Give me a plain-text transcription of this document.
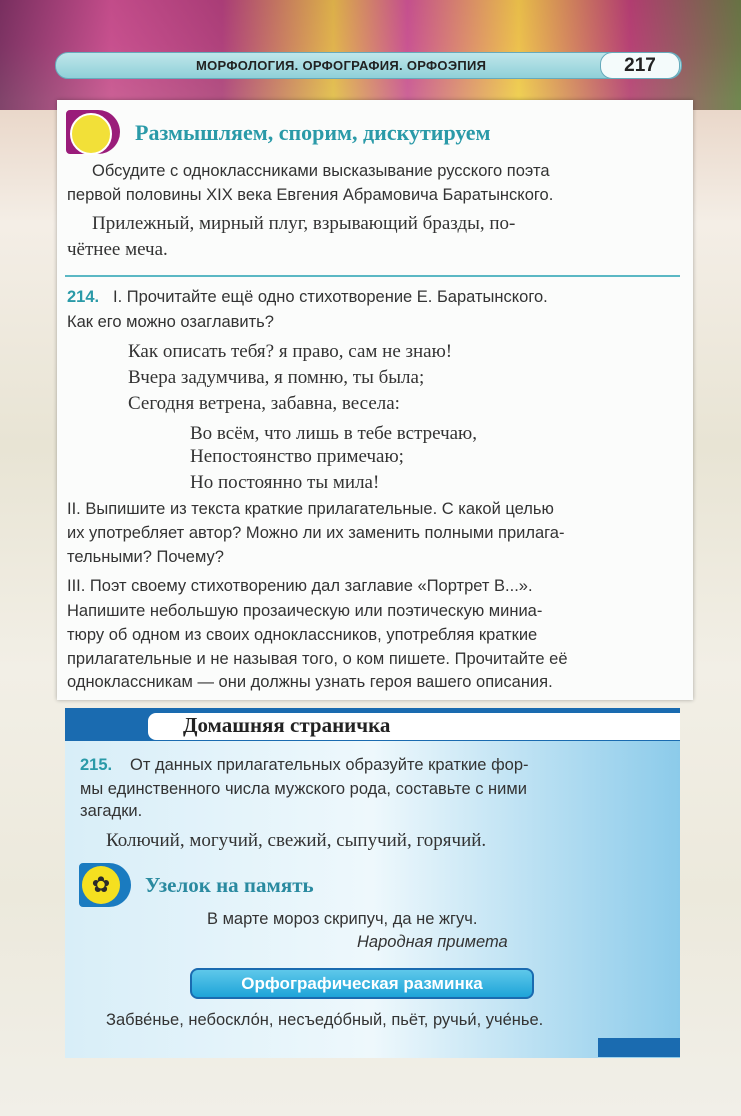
МОРФОЛОГИЯ. ОРФОГРАФИЯ. ОРФОЭПИЯ	217
Размышляем, спорим, дискутируем
Обсудите с одноклассниками высказывание русского поэта
первой половины XIX века Евгения Абрамовича Баратынского.
Прилежный, мирный плуг, взрывающий бразды, по-
чётнее меча.
214. I. Прочитайте ещё одно стихотворение Е. Баратынского.
Как его можно озаглавить?
Как описать тебя? я право, сам не знаю!
Вчера задумчива, я помню, ты была;
Сегодня ветрена, забавна, весела:
Во всём, что лишь в тебе встречаю,
Непостоянство примечаю;
Но постоянно ты мила!
II. Выпишите из текста краткие прилагательные. С какой целью
их употребляет автор? Можно ли их заменить полными прилага-
тельными? Почему?
III. Поэт своему стихотворению дал заглавие «Портрет В...».
Напишите небольшую прозаическую или поэтическую миниа-
тюру об одном из своих одноклассников, употребляя краткие
прилагательные и не называя того, о ком пишете. Прочитайте её
одноклассникам — они должны узнать героя вашего описания.
Домашняя страничка
215. От данных прилагательных образуйте краткие фор-
мы единственного числа мужского рода, составьте с ними
загадки.
Колючий, могучий, свежий, сыпучий, горячий.
✿	Узелок на память
В марте мороз скрипуч, да не жгуч.
Народная примета
Орфографическая разминка
Забве́нье, небоскло́н, несъедо́бный, пьёт, ручьи́, уче́нье.
